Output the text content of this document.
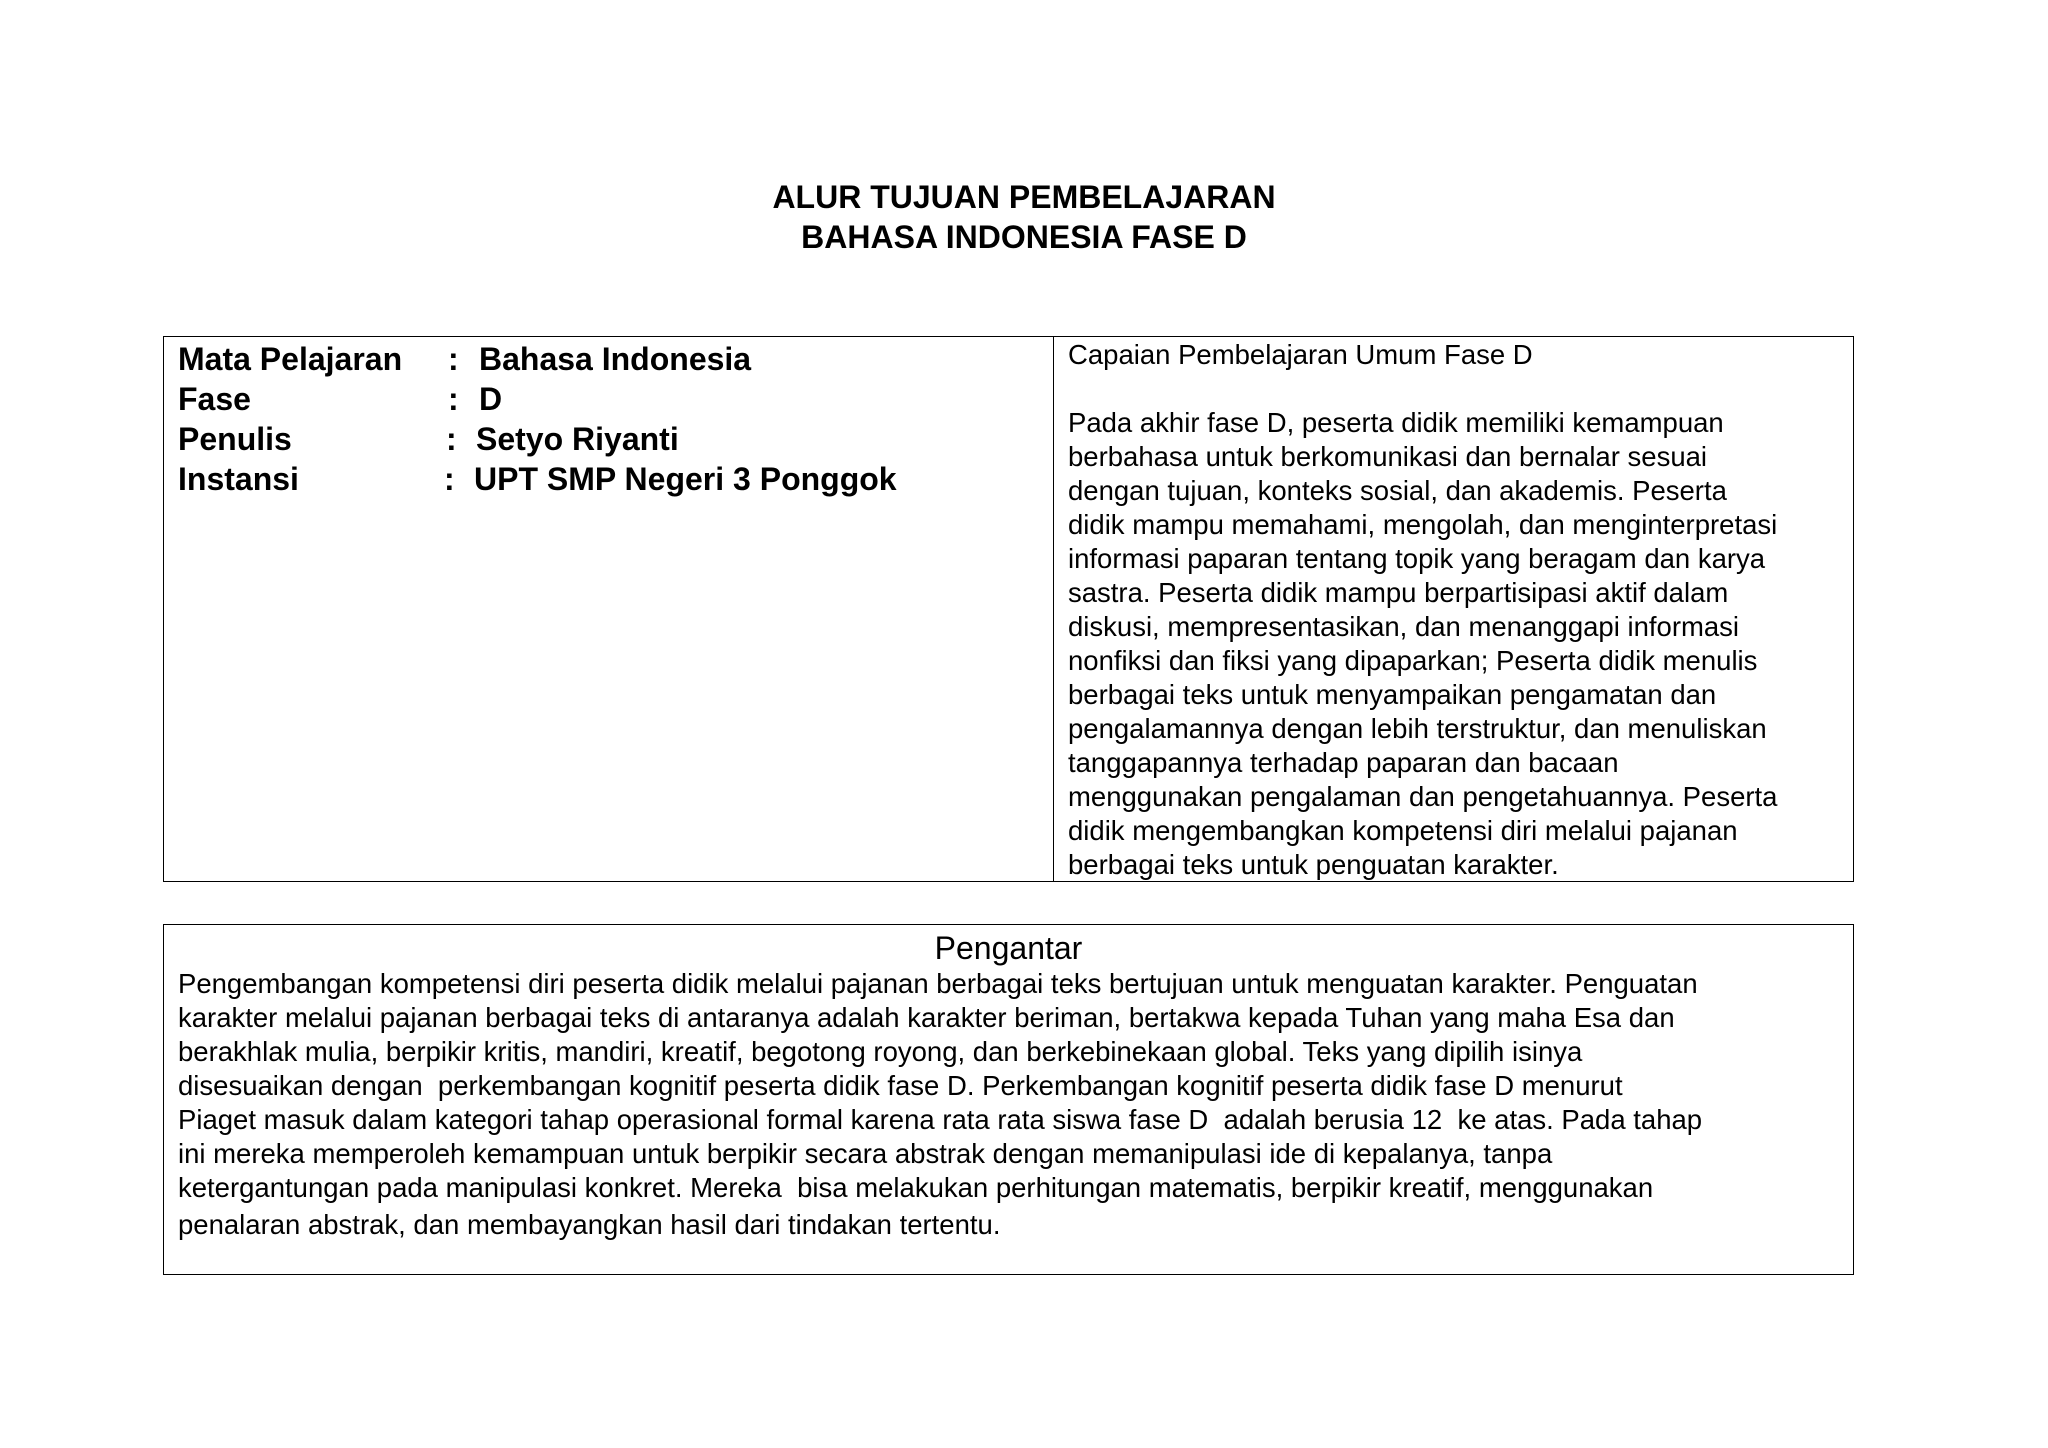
ALUR TUJUAN PEMBELAJARAN
BAHASA INDONESIA FASE D
Mata Pelajaran : Bahasa Indonesia
Fase	: D
Penulis	: Setyo Riyanti
Instansi	: UPT SMP Negeri 3 Ponggok

Capaian Pembelajaran Umum Fase D

Pada akhir fase D, peserta didik memiliki kemampuan
berbahasa untuk berkomunikasi dan bernalar sesuai
dengan tujuan, konteks sosial, dan akademis. Peserta
didik mampu memahami, mengolah, dan menginterpretasi
informasi paparan tentang topik yang beragam dan karya
sastra. Peserta didik mampu berpartisipasi aktif dalam
diskusi, mempresentasikan, dan menanggapi informasi
nonfiksi dan fiksi yang dipaparkan; Peserta didik menulis
berbagai teks untuk menyampaikan pengamatan dan
pengalamannya dengan lebih terstruktur, dan menuliskan
tanggapannya terhadap paparan dan bacaan
menggunakan pengalaman dan pengetahuannya. Peserta
didik mengembangkan kompetensi diri melalui pajanan
berbagai teks untuk penguatan karakter.

Pengantar
Pengembangan kompetensi diri peserta didik melalui pajanan berbagai teks bertujuan untuk menguatan karakter. Penguatan
karakter melalui pajanan berbagai teks di antaranya adalah karakter beriman, bertakwa kepada Tuhan yang maha Esa dan
berakhlak mulia, berpikir kritis, mandiri, kreatif, begotong royong, dan berkebinekaan global. Teks yang dipilih isinya
disesuaikan dengan  perkembangan kognitif peserta didik fase D. Perkembangan kognitif peserta didik fase D menurut
Piaget masuk dalam kategori tahap operasional formal karena rata rata siswa fase D  adalah berusia 12  ke atas. Pada tahap
ini mereka memperoleh kemampuan untuk berpikir secara abstrak dengan memanipulasi ide di kepalanya, tanpa
ketergantungan pada manipulasi konkret. Mereka  bisa melakukan perhitungan matematis, berpikir kreatif, menggunakan
penalaran abstrak, dan membayangkan hasil dari tindakan tertentu.
